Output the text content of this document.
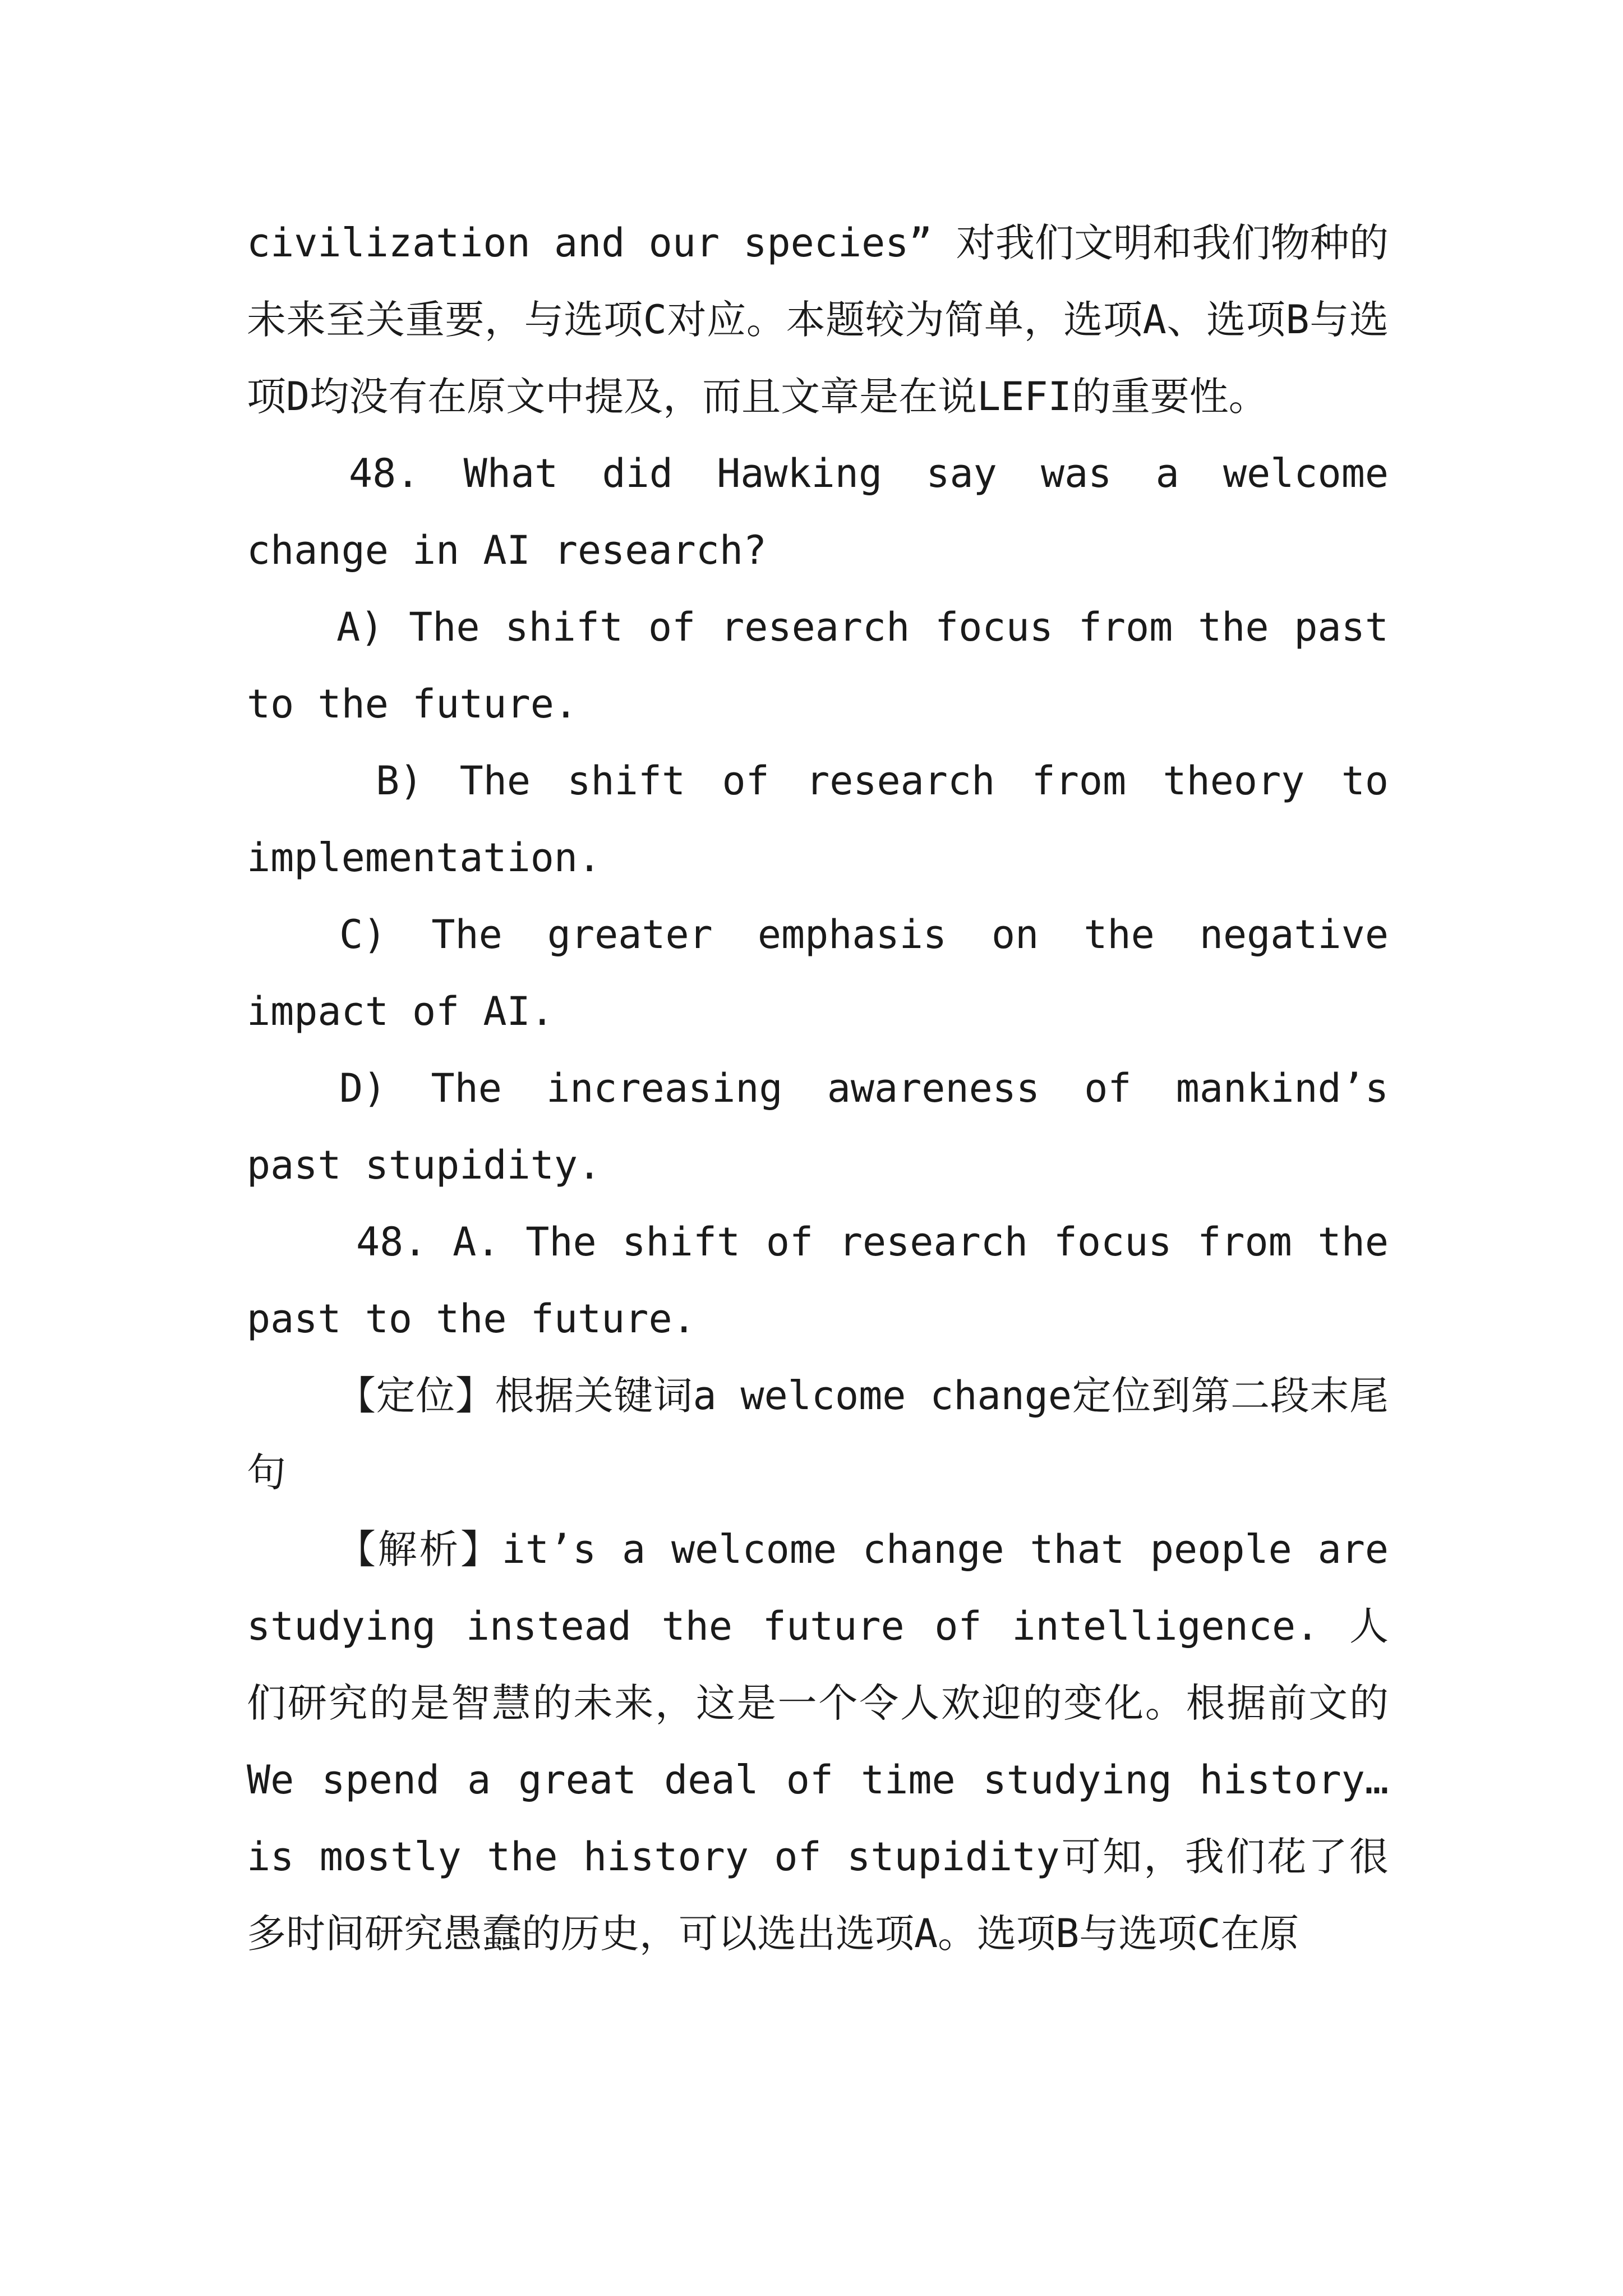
civilization and our species” 对我们文明和我们物种的未来至关重要，与选项C对应。本题较为简单，选项A、选项B与选项D均没有在原文中提及，而且文章是在说LEFI的重要性。

48. What did Hawking say was a welcome change in AI research?

A) The shift of research focus from the past to the future.

B) The shift of research from theory to implementation.

C) The greater emphasis on the negative impact of AI.

D) The increasing awareness of mankind’s past stupidity.

48. A. The shift of research focus from the past to the future.

【定位】根据关键词a welcome change定位到第二段末尾句

【解析】it’s a welcome change that people are studying instead the future of intelligence. 人们研究的是智慧的未来，这是一个令人欢迎的变化。根据前文的We spend a great deal of time studying history…is mostly the history of stupidity可知，我们花了很多时间研究愚蠢的历史，可以选出选项A。选项B与选项C在原
